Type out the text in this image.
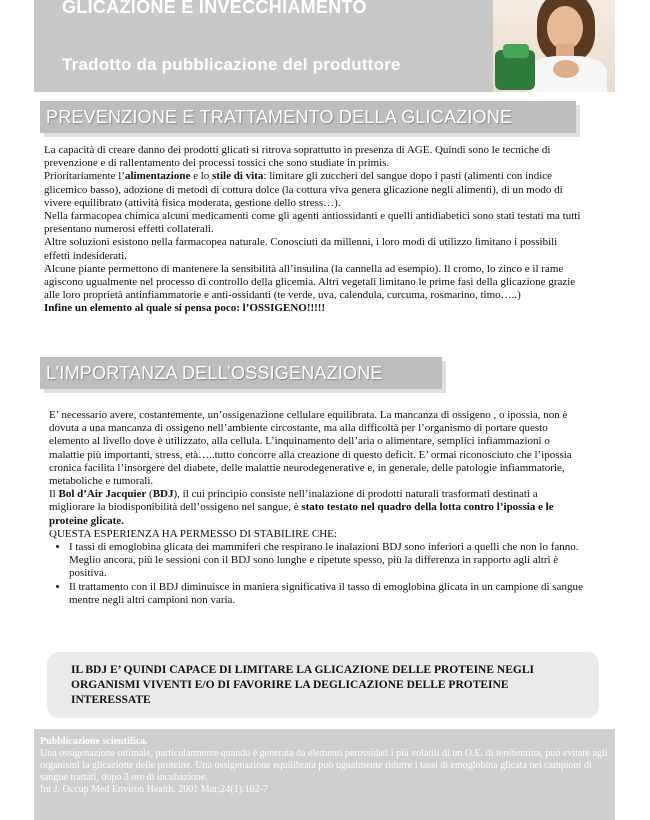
GLICAZIONE E INVECCHIAMENTO
Tradotto da pubblicazione del produttore
PREVENZIONE E TRATTAMENTO DELLA GLICAZIONE

La capacità di creare danno dei prodotti glicati si ritrova soprattutto in presenza di AGE. Quindi sono le tecniche di prevenzione e di rallentamento dei processi tossici che sono studiate in primis.

Prioritariamente l’alimentazione e lo stile di vita: limitare gli zuccheri del sangue dopo i pasti (alimenti con indice glicemico basso), adozione di metodi di cottura dolce (la cottura viva genera glicazione negli alimenti), di un modo di vivere equilibrato (attività fisica moderata, gestione dello stress…).

Nella farmacopea chimica alcuni medicamenti come gli agenti antiossidanti e quelli antidiabetici sono stati testati ma tutti presentano numerosi effetti collaterali.

Altre soluzioni esistono nella farmacopea naturale. Conosciuti da millenni, i loro modi di utilizzo limitano i possibili effetti indesiderati.

Alcune piante permettono di mantenere la sensibilità all’insulina (la cannella ad esempio). Il cromo, lo zinco e il rame agiscono ugualmente nel processo di controllo della glicemia. Altri vegetali limitano le prime fasi della glicazione grazie alle loro proprietà antinfiammatorie e anti-ossidanti (te verde, uva, calendula, curcuma, rosmarino, timo…..)

Infine un elemento al quale si pensa poco: l’OSSIGENO!!!!!

L’IMPORTANZA DELL’OSSIGENAZIONE

E’ necessario avere, costantemente, un’ossigenazione cellulare equilibrata. La mancanza di ossigeno , o ipossia, non è dovuta a una mancanza di ossigeno nell’ambiente circostante, ma alla difficoltà per l’organismo di portare questo elemento al livello dove è utilizzato, alla cellula. L’inquinamento dell’aria o alimentare, semplici infiammazioni o malattie più importanti, stress, età…..tutto concorre alla creazione di questo deficit. E’ ormai riconosciuto che l’ipossia cronica facilita l’insorgere del diabete, delle malattie neurodegenerative e, in generale, delle patologie infiammatorie, metaboliche e tumorali.

Il Bol d’Air Jacquier (BDJ), il cui principio consiste nell’inalazione di prodotti naturali trasformati destinati a migliorare la biodisponibilità dell’ossigeno nel sangue, è stato testato nel quadro della lotta contro l’ipossia e le proteine glicate.

QUESTA ESPERIENZA HA PERMESSO DI STABILIRE CHE:

• I tassi di emoglobina glicata dei mammiferi che respirano le inalazioni BDJ sono inferiori a quelli che non lo fanno. Meglio ancora, più le sessioni con il BDJ sono lunghe e ripetute spesso, più la differenza in rapporto agli altri è positiva.
• Il trattamento con il BDJ diminuisce in maniera significativa il tasso di emoglobina glicata in un campione di sangue mentre negli altri campioni non varia.
IL BDJ E’ QUINDI CAPACE DI LIMITARE LA GLICAZIONE DELLE PROTEINE NEGLI ORGANISMI VIVENTI E/O DI FAVORIRE LA DEGLICAZIONE DELLE PROTEINE INTERESSATE
Pubblicazione scientifica.
Una ossigenazione ottimale, particolarmente quando è generata da elementi perossidati i più volatili di un O.E. di terebentina, può evitare agli organismi la glicazione delle proteine. Una ossigenazione equilibrata può ugualmente ridurre i tassi di emoglobina glicata nei campioni di sangue trattati, dopo 3 ore di incubazione.
Int J. Occup Med Environ Health. 2001 Mar;24(1):102-7
